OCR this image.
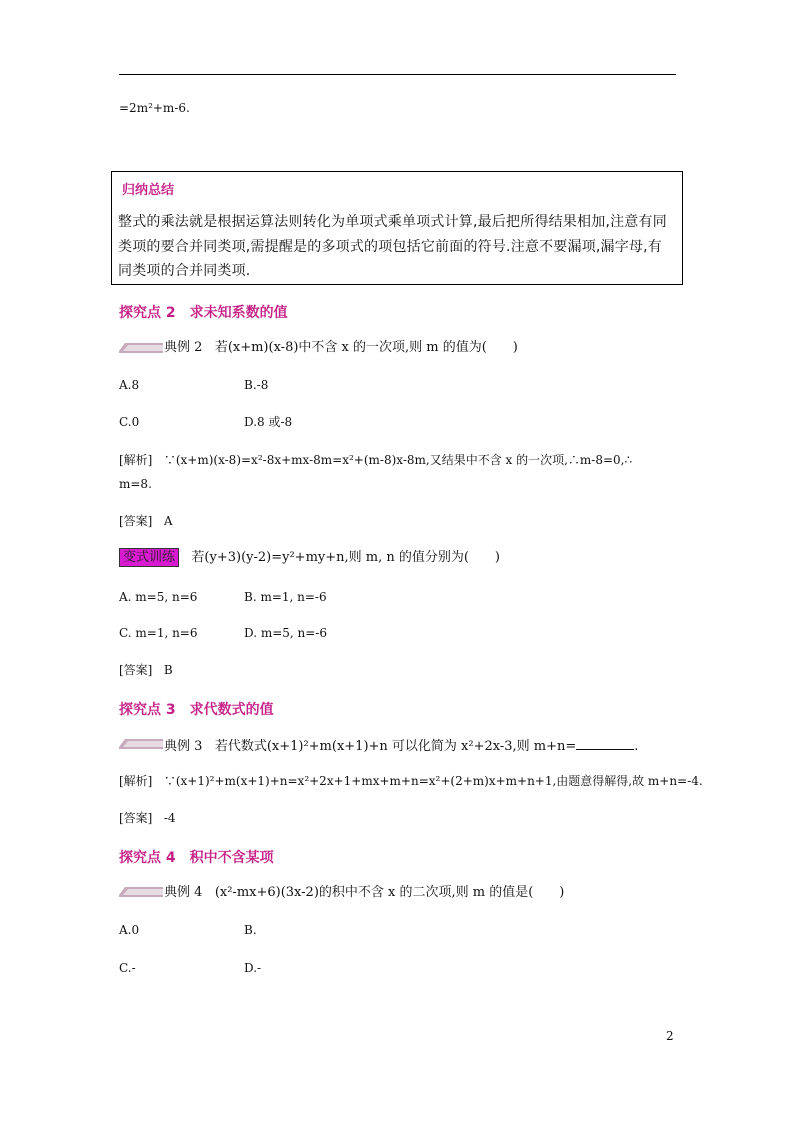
=2m²+m-6.
归纳总结
整式的乘法就是根据运算法则转化为单项式乘单项式计算,最后把所得结果相加,注意有同类项的要合并同类项,需提醒是的多项式的项包括它前面的符号.注意不要漏项,漏字母,有同类项的合并同类项.
探究点 2　求未知系数的值
典例 2 若(x+m)(x-8)中不含 x 的一次项,则 m 的值为(　　)
A.8	B.-8
C.0	D.8 或-8
[解析] ∵(x+m)(x-8)=x²-8x+mx-8m=x²+(m-8)x-8m,又结果中不含 x 的一次项,∴m-8=0,∴
m=8.
[答案] A
变式训练 若(y+3)(y-2)=y²+my+n,则 m, n 的值分别为(　　)
A. m=5, n=6	B. m=1, n=-6
C. m=1, n=6	D. m=5, n=-6
[答案] B
探究点 3　求代数式的值
典例 3 若代数式(x+1)²+m(x+1)+n 可以化简为 x²+2x-3,则 m+n=	.
[解析] ∵(x+1)²+m(x+1)+n=x²+2x+1+mx+m+n=x²+(2+m)x+m+n+1,由题意得解得,故 m+n=-4.
[答案] -4
探究点 4　积中不含某项
典例 4 (x²-mx+6)(3x-2)的积中不含 x 的二次项,则 m 的值是(　　)
A.0	B.
C.-	D.-
2
